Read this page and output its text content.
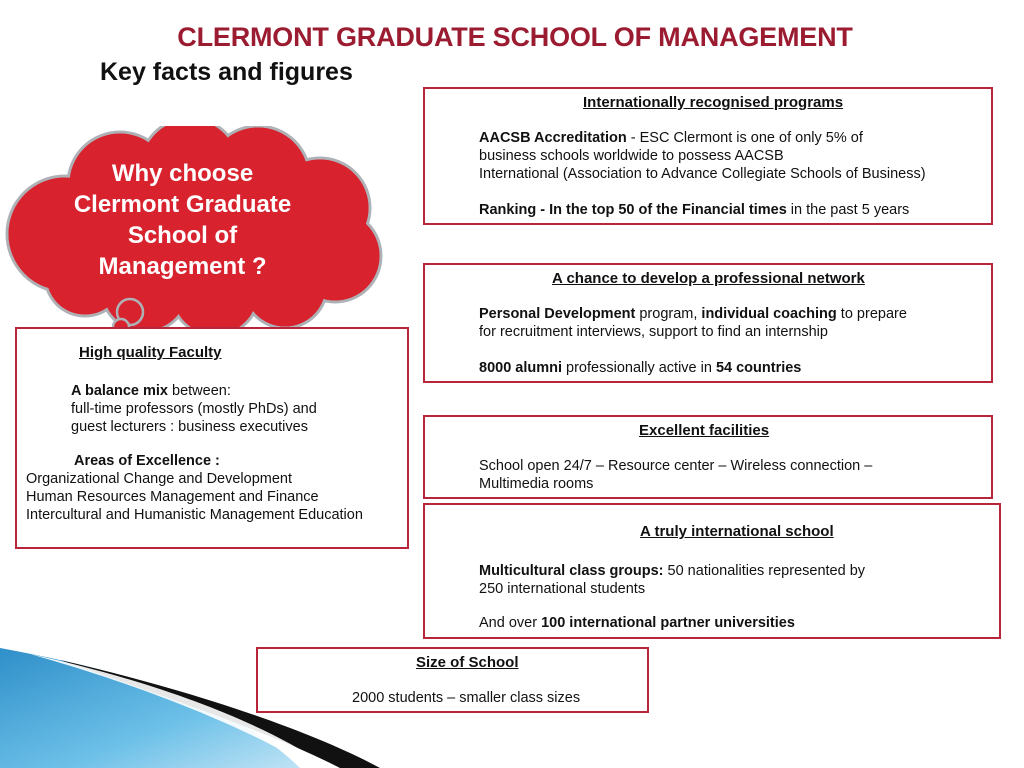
CLERMONT GRADUATE SCHOOL OF MANAGEMENT
Key facts and figures
Why choose
Clermont Graduate
School of
Management ?
High quality Faculty
A balance mix between:
full-time professors (mostly PhDs) and
guest lecturers : business executives
Areas of Excellence :
Organizational Change and Development
Human Resources Management and Finance
Intercultural and Humanistic Management Education
Internationally recognised programs
AACSB Accreditation - ESC Clermont is one of only 5% of
business schools worldwide to possess AACSB
International (Association to Advance Collegiate Schools of Business)
Ranking - In the top 50 of the Financial times in the past 5 years
A chance to develop a professional network
Personal Development program, individual coaching to prepare
for recruitment interviews, support to find an internship
8000 alumni professionally active in 54 countries
Excellent facilities
School open 24/7 – Resource center – Wireless connection –
Multimedia rooms
A truly international school
Multicultural class groups: 50 nationalities represented by
250 international students
And over 100 international partner universities
Size of School
2000 students – smaller class sizes
